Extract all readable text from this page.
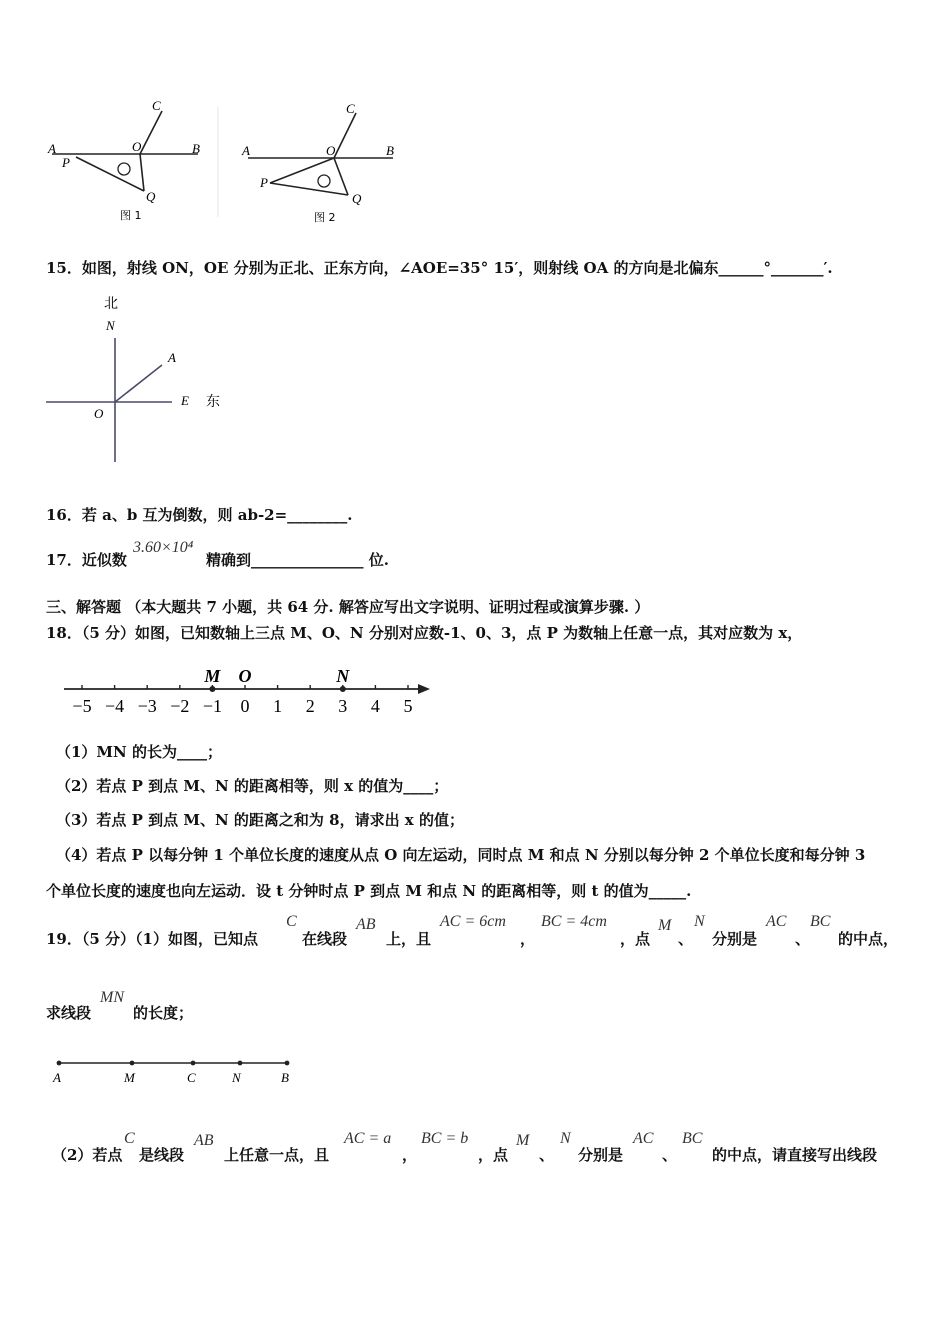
A
P
O	B
C
Q
图 1
A
P
O	B
C
Q
图 2
15．如图，射线 ON，OE 分别为正北、正东方向，∠AOE=35° 15′，则射线 OA 的方向是北偏东______°_______′.
北
N
A
O
E 东
16．若 a、b 互为倒数，则 ab-2=________.
17．近似数
3.60×10⁴
精确到_______________ 位.
三、解答题 （本大题共 7 小题，共 64 分. 解答应写出文字说明、证明过程或演算步骤. ）
18．（5 分）如图，已知数轴上三点 M、O、N 分别对应数-1、0、3，点 P 为数轴上任意一点，其对应数为 x，
−5 −4 −3 −2 −1 0 1 2 3 4 5
M O	N
（1）MN 的长为____；
（2）若点 P 到点 M、N 的距离相等，则 x 的值为____；
（3）若点 P 到点 M、N 的距离之和为 8，请求出 x 的值；
（4）若点 P 以每分钟 1 个单位长度的速度从点 O 向左运动，同时点 M 和点 N 分别以每分钟 2 个单位长度和每分钟 3
个单位长度的速度也向左运动．设 t 分钟时点 P 到点 M 和点 N 的距离相等，则 t 的值为_____.
19．（5 分）（1）如图，已知点
C
在线段
AB
上，且
AC = 6cm
，
BC = 4cm
，点
M
、
N
分别是
AC
、
BC
的中点，
求线段
MN
的长度；
A	M	C	N	B
（2）若点
C
是线段
AB
上任意一点，且
AC = a
，
BC = b
，点
M
、
N
分别是
AC
、
BC
的中点，请直接写出线段
